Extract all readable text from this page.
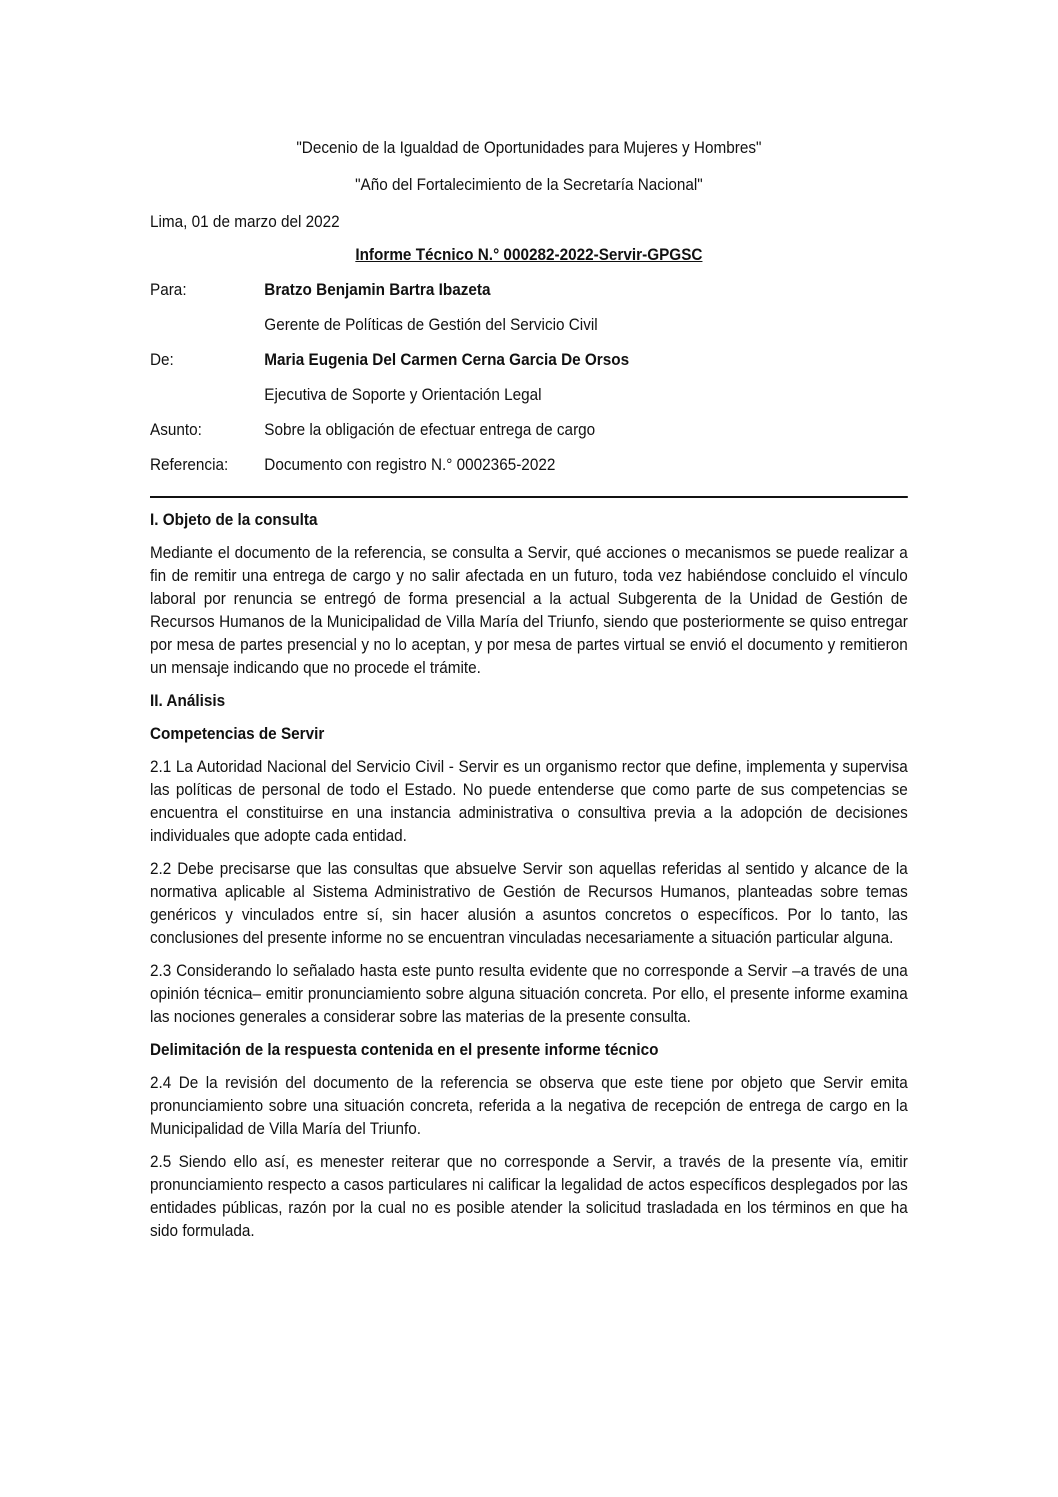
"Decenio de la Igualdad de Oportunidades para Mujeres y Hombres"
"Año del Fortalecimiento de la Secretaría Nacional"
Lima, 01 de marzo del 2022
Informe Técnico N.° 000282-2022-Servir-GPGSC
Para:	Bratzo Benjamin Bartra Ibazeta
	Gerente de Políticas de Gestión del Servicio Civil
De:	Maria Eugenia Del Carmen Cerna Garcia De Orsos
	Ejecutiva de Soporte y Orientación Legal
Asunto:	Sobre la obligación de efectuar entrega de cargo
Referencia:	Documento con registro N.° 0002365-2022
I. Objeto de la consulta

Mediante el documento de la referencia, se consulta a Servir, qué acciones o mecanismos se puede realizar a fin de remitir una entrega de cargo y no salir afectada en un futuro, toda vez habiéndose concluido el vínculo laboral por renuncia se entregó de forma presencial a la actual Subgerenta de la Unidad de Gestión de Recursos Humanos de la Municipalidad de Villa María del Triunfo, siendo que posteriormente se quiso entregar por mesa de partes presencial y no lo aceptan, y por mesa de partes virtual se envió el documento y remitieron un mensaje indicando que no procede el trámite.

II. Análisis
Competencias de Servir

2.1 La Autoridad Nacional del Servicio Civil - Servir es un organismo rector que define, implementa y supervisa las políticas de personal de todo el Estado. No puede entenderse que como parte de sus competencias se encuentra el constituirse en una instancia administrativa o consultiva previa a la adopción de decisiones individuales que adopte cada entidad.

2.2 Debe precisarse que las consultas que absuelve Servir son aquellas referidas al sentido y alcance de la normativa aplicable al Sistema Administrativo de Gestión de Recursos Humanos, planteadas sobre temas genéricos y vinculados entre sí, sin hacer alusión a asuntos concretos o específicos. Por lo tanto, las conclusiones del presente informe no se encuentran vinculadas necesariamente a situación particular alguna.

2.3 Considerando lo señalado hasta este punto resulta evidente que no corresponde a Servir –a través de una opinión técnica– emitir pronunciamiento sobre alguna situación concreta. Por ello, el presente informe examina las nociones generales a considerar sobre las materias de la presente consulta.

Delimitación de la respuesta contenida en el presente informe técnico

2.4 De la revisión del documento de la referencia se observa que este tiene por objeto que Servir emita pronunciamiento sobre una situación concreta, referida a la negativa de recepción de entrega de cargo en la Municipalidad de Villa María del Triunfo.

2.5 Siendo ello así, es menester reiterar que no corresponde a Servir, a través de la presente vía, emitir pronunciamiento respecto a casos particulares ni calificar la legalidad de actos específicos desplegados por las entidades públicas, razón por la cual no es posible atender la solicitud trasladada en los términos en que ha sido formulada.
